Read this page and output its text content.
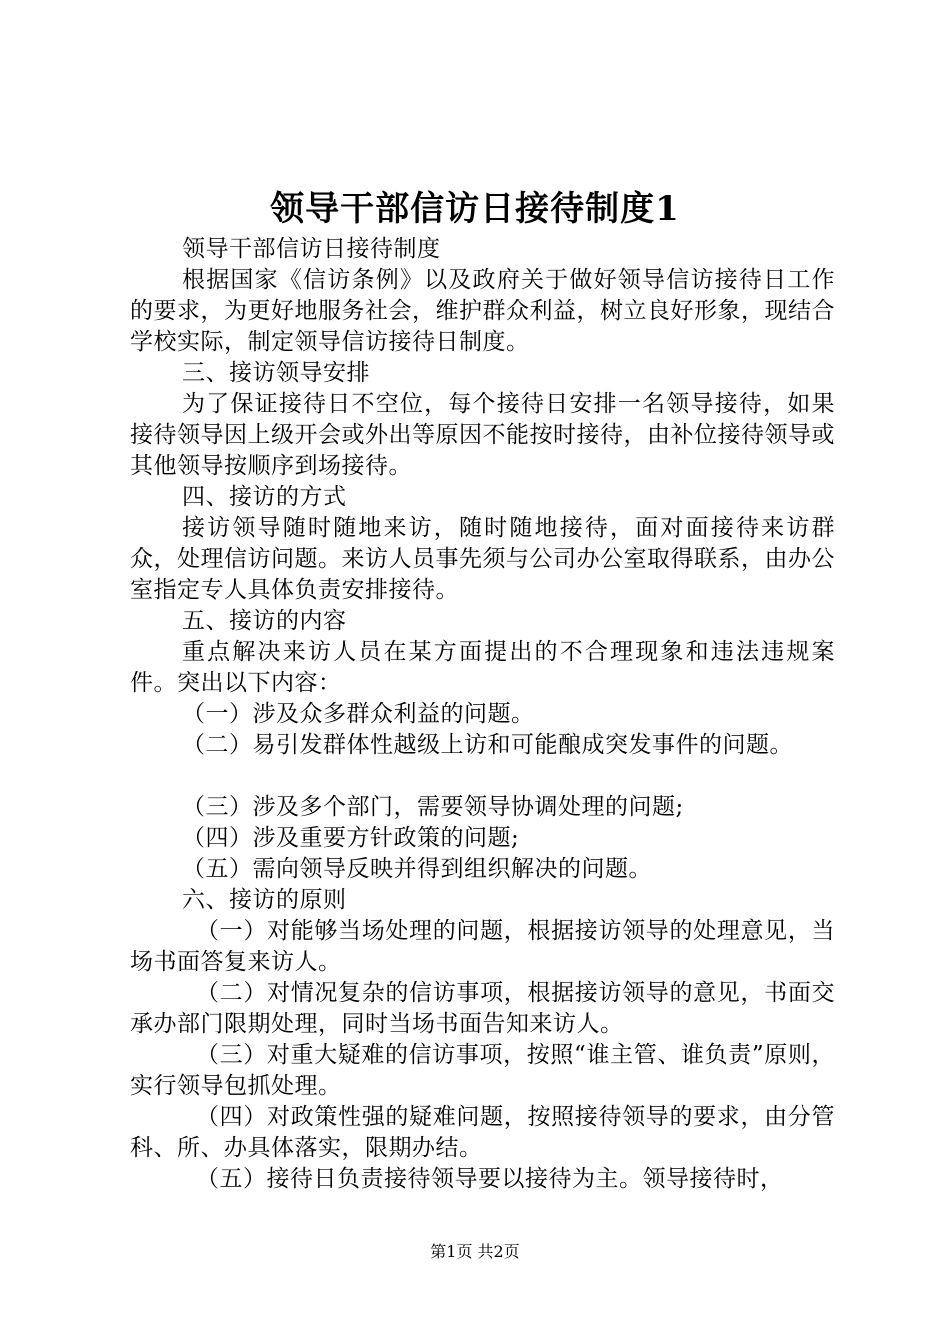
领导干部信访日接待制度1

领导干部信访日接待制度

根据国家《信访条例》以及政府关于做好领导信访接待日工作的要求，为更好地服务社会，维护群众利益，树立良好形象，现结合学校实际，制定领导信访接待日制度。

三、接访领导安排

为了保证接待日不空位，每个接待日安排一名领导接待，如果接待领导因上级开会或外出等原因不能按时接待，由补位接待领导或其他领导按顺序到场接待。

四、接访的方式

接访领导随时随地来访，随时随地接待，面对面接待来访群众，处理信访问题。来访人员事先须与公司办公室取得联系，由办公室指定专人具体负责安排接待。

五、接访的内容

重点解决来访人员在某方面提出的不合理现象和违法违规案件。突出以下内容：

（一）涉及众多群众利益的问题。

（二）易引发群体性越级上访和可能酿成突发事件的问题。

（三）涉及多个部门，需要领导协调处理的问题;

（四）涉及重要方针政策的问题;

（五）需向领导反映并得到组织解决的问题。

六、接访的原则

（一）对能够当场处理的问题，根据接访领导的处理意见，当场书面答复来访人。

（二）对情况复杂的信访事项，根据接访领导的意见，书面交承办部门限期处理，同时当场书面告知来访人。

（三）对重大疑难的信访事项，按照“谁主管、谁负责”原则，实行领导包抓处理。

（四）对政策性强的疑难问题，按照接待领导的要求，由分管科、所、办具体落实，限期办结。

（五）接待日负责接待领导要以接待为主。领导接待时，

第1页 共2页
